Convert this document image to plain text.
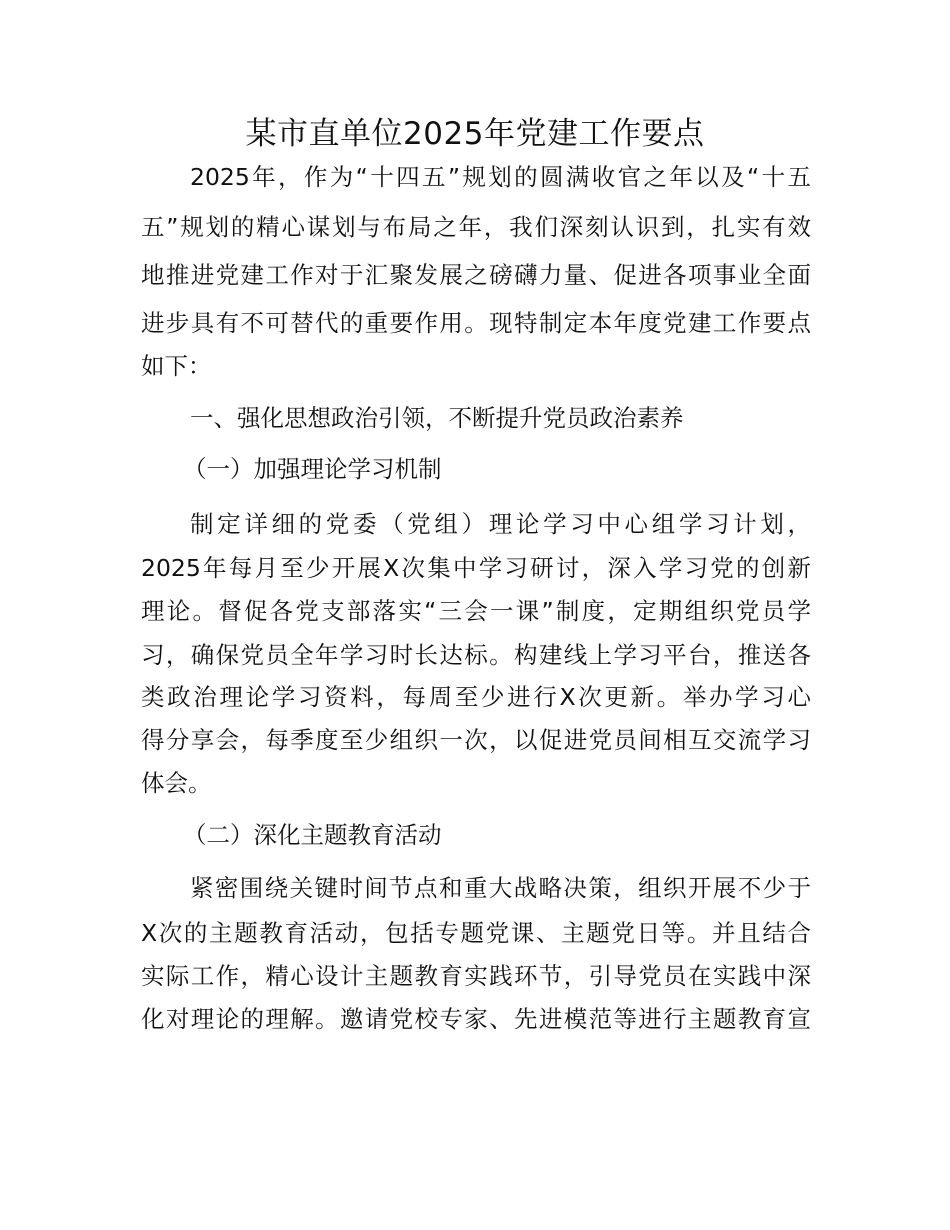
某市直单位2025年党建工作要点
2025年，作为“十四五”规划的圆满收官之年以及“十五
五”规划的精心谋划与布局之年，我们深刻认识到，扎实有效
地推进党建工作对于汇聚发展之磅礴力量、促进各项事业全面
进步具有不可替代的重要作用。现特制定本年度党建工作要点
如下：
一、强化思想政治引领，不断提升党员政治素养
（一）加强理论学习机制
制定详细的党委（党组）理论学习中心组学习计划，
2025年每月至少开展X次集中学习研讨，深入学习党的创新
理论。督促各党支部落实“三会一课”制度，定期组织党员学
习，确保党员全年学习时长达标。构建线上学习平台，推送各
类政治理论学习资料，每周至少进行X次更新。举办学习心
得分享会，每季度至少组织一次，以促进党员间相互交流学习
体会。
（二）深化主题教育活动
紧密围绕关键时间节点和重大战略决策，组织开展不少于
X次的主题教育活动，包括专题党课、主题党日等。并且结合
实际工作，精心设计主题教育实践环节，引导党员在实践中深
化对理论的理解。邀请党校专家、先进模范等进行主题教育宣
